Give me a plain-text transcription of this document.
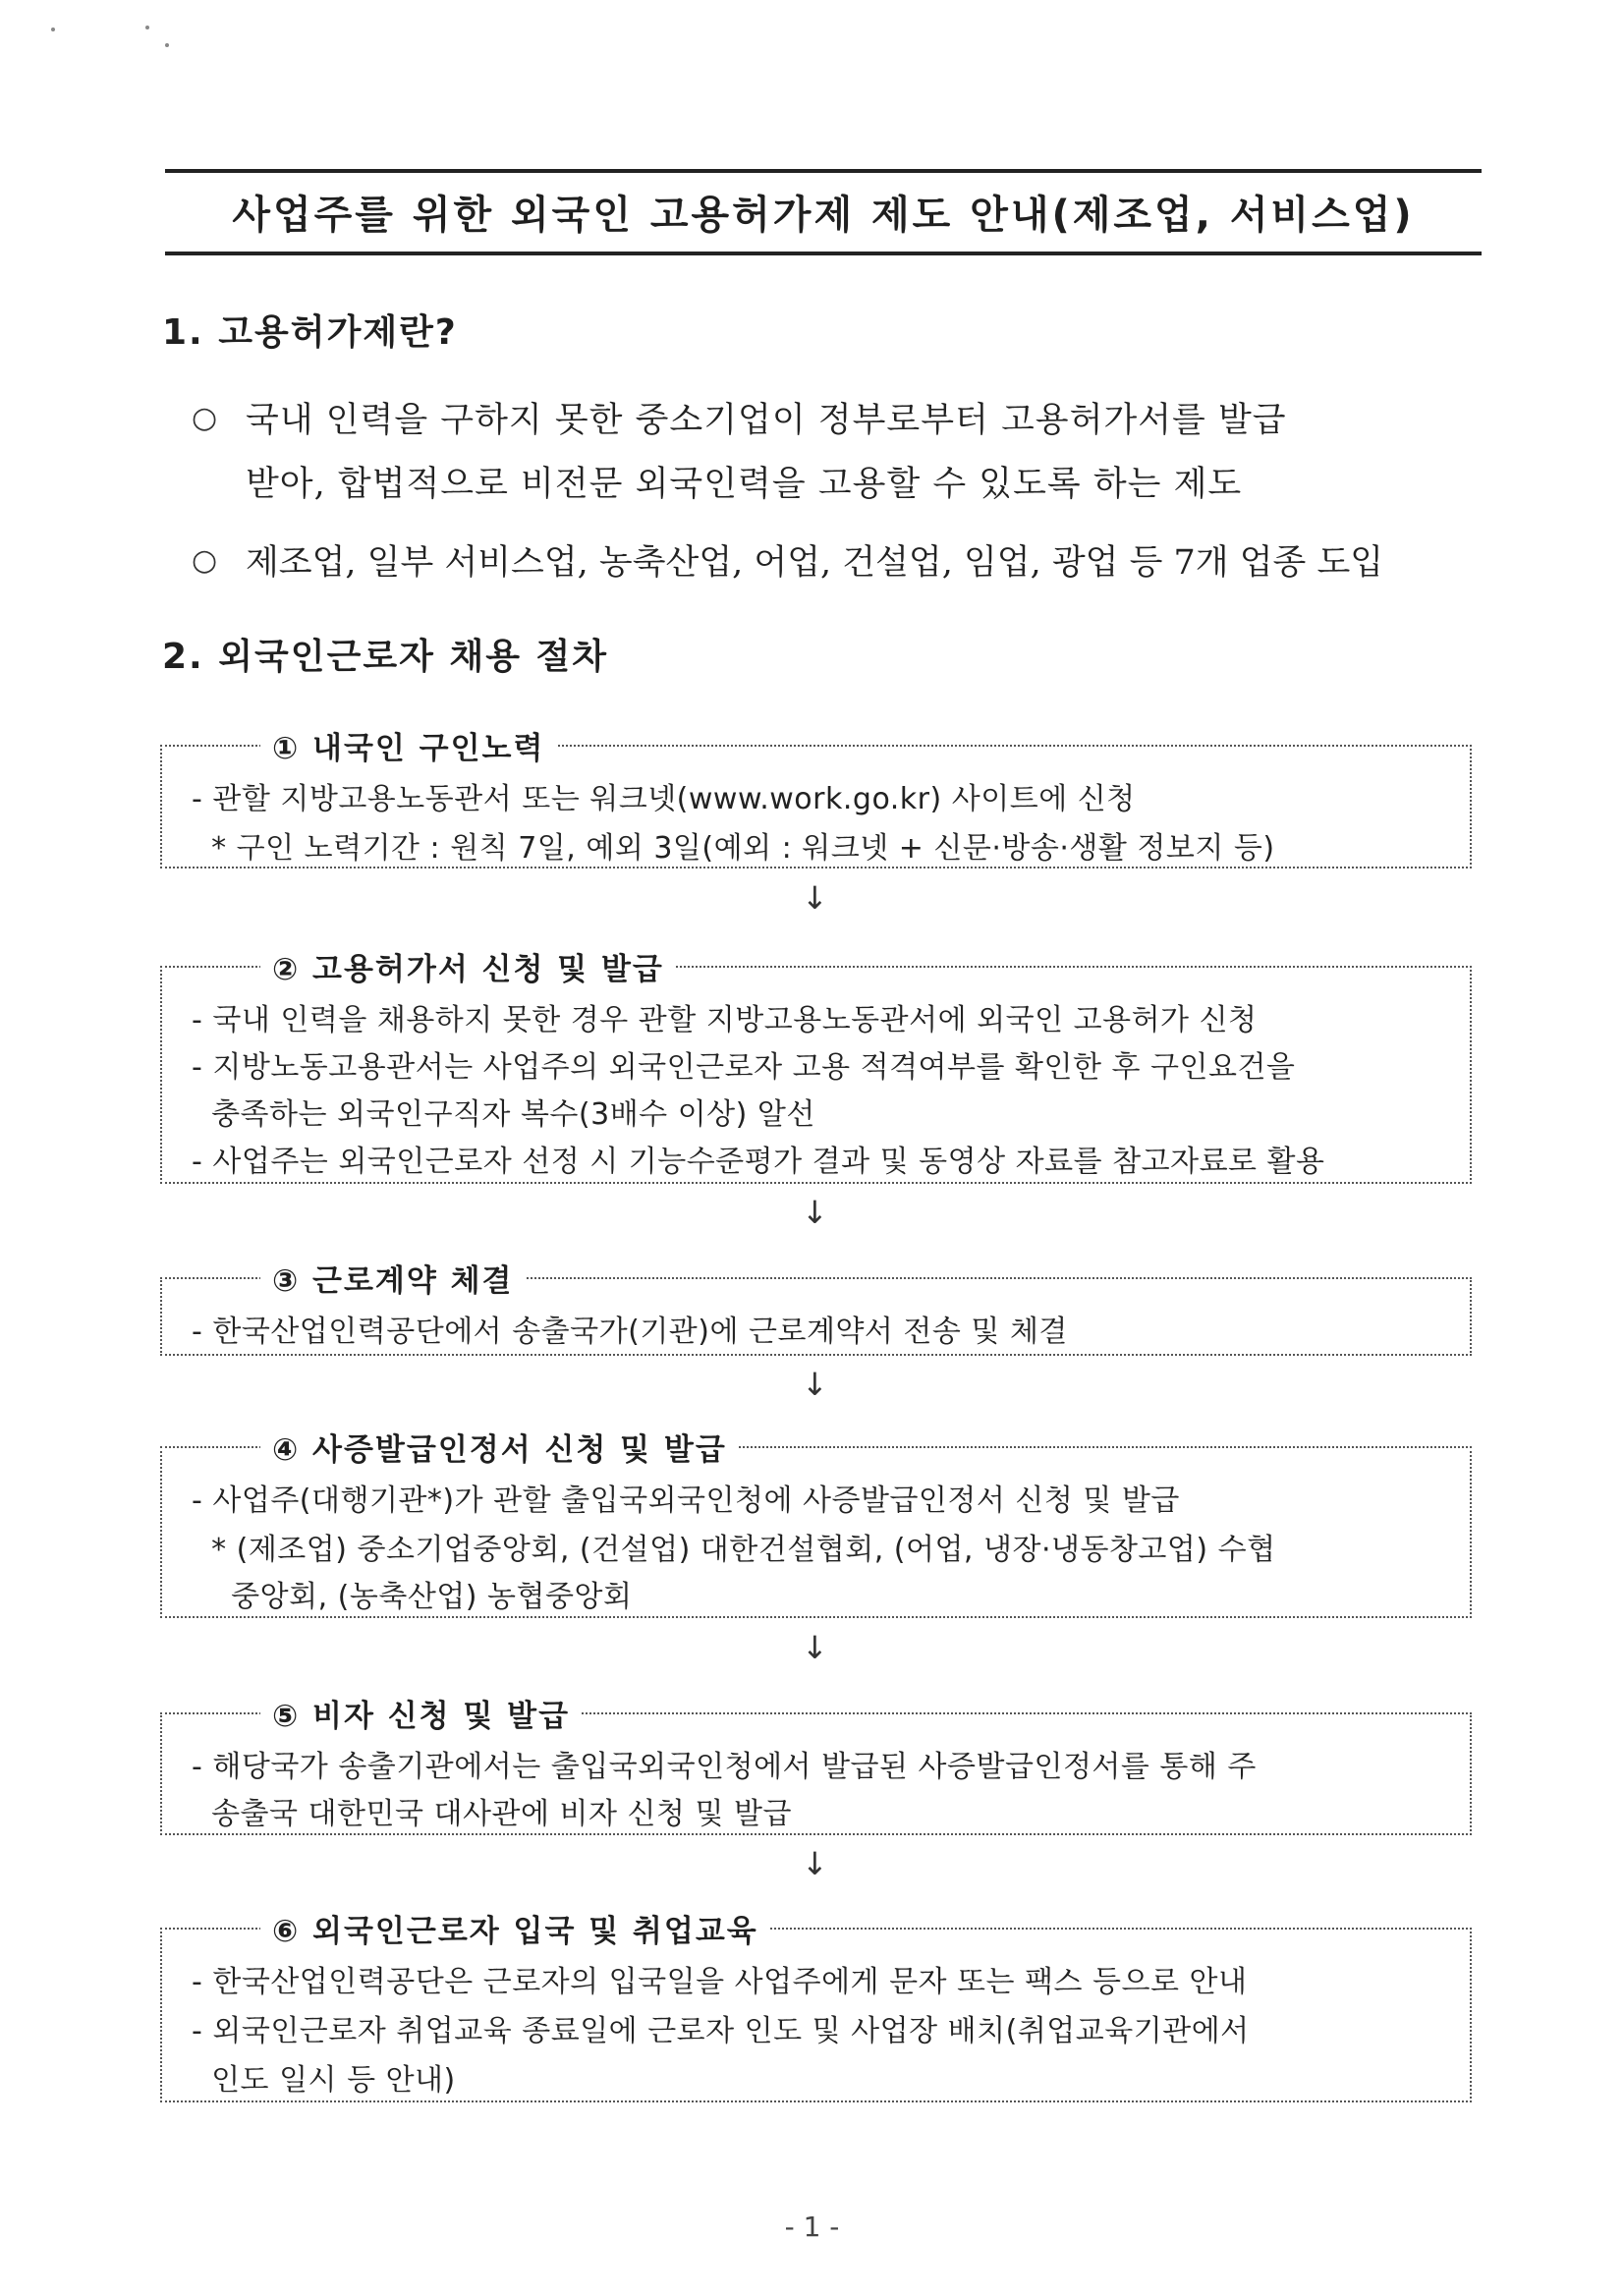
사업주를 위한 외국인 고용허가제 제도 안내(제조업, 서비스업)
1. 고용허가제란?
○ 국내 인력을 구하지 못한 중소기업이 정부로부터 고용허가서를 발급
받아, 합법적으로 비전문 외국인력을 고용할 수 있도록 하는 제도
○ 제조업, 일부 서비스업, 농축산업, 어업, 건설업, 임업, 광업 등 7개 업종 도입
2. 외국인근로자 채용 절차
① 내국인 구인노력
- 관할 지방고용노동관서 또는 워크넷(www.work.go.kr) 사이트에 신청
* 구인 노력기간 : 원칙 7일, 예외 3일(예외 : 워크넷 + 신문·방송·생활 정보지 등)
↓
② 고용허가서 신청 및 발급
- 국내 인력을 채용하지 못한 경우 관할 지방고용노동관서에 외국인 고용허가 신청
- 지방노동고용관서는 사업주의 외국인근로자 고용 적격여부를 확인한 후 구인요건을
충족하는 외국인구직자 복수(3배수 이상) 알선
- 사업주는 외국인근로자 선정 시 기능수준평가 결과 및 동영상 자료를 참고자료로 활용
↓
③ 근로계약 체결
- 한국산업인력공단에서 송출국가(기관)에 근로계약서 전송 및 체결
↓
④ 사증발급인정서 신청 및 발급
- 사업주(대행기관*)가 관할 출입국외국인청에 사증발급인정서 신청 및 발급
* (제조업) 중소기업중앙회, (건설업) 대한건설협회, (어업, 냉장·냉동창고업) 수협
중앙회, (농축산업) 농협중앙회
↓
⑤ 비자 신청 및 발급
- 해당국가 송출기관에서는 출입국외국인청에서 발급된 사증발급인정서를 통해 주
송출국 대한민국 대사관에 비자 신청 및 발급
↓
⑥ 외국인근로자 입국 및 취업교육
- 한국산업인력공단은 근로자의 입국일을 사업주에게 문자 또는 팩스 등으로 안내
- 외국인근로자 취업교육 종료일에 근로자 인도 및 사업장 배치(취업교육기관에서
인도 일시 등 안내)
- 1 -
